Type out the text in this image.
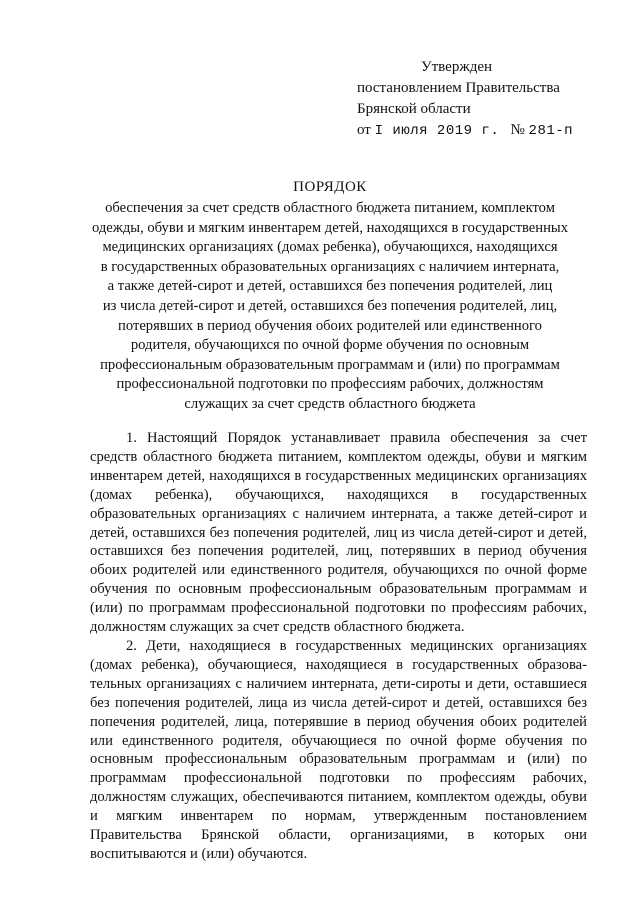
Утвержден
постановлением Правительства
Брянской области
от I июля 2019 г. № 281-п
ПОРЯДОК
обеспечения за счет средств областного бюджета питанием, комплектом
одежды, обуви и мягким инвентарем детей, находящихся в государственных
медицинских организациях (домах ребенка), обучающихся, находящихся
в государственных образовательных организациях с наличием интерната,
а также детей-сирот и детей, оставшихся без попечения родителей, лиц
из числа детей-сирот и детей, оставшихся без попечения родителей, лиц,
потерявших в период обучения обоих родителей или единственного
родителя, обучающихся по очной форме обучения по основным
профессиональным образовательным программам и (или) по программам
профессиональной подготовки по профессиям рабочих, должностям
служащих за счет средств областного бюджета

1. Настоящий Порядок устанавливает правила обеспечения за счет средств областного бюджета питанием, комплектом одежды, обуви и мягким инвентарем детей, находящихся в государственных медицинских организациях (домах ребенка), обучающихся, находящихся в государственных образовательных организациях с наличием интерната, а также детей-сирот и детей, оставшихся без попечения родителей, лиц из числа детей-сирот и детей, оставшихся без попечения родителей, лиц, потерявших в период обучения обоих родителей или единственного родителя, обучающихся по очной форме обучения по основным профессиональным образовательным программам и (или) по программам профессиональной подготовки по профессиям рабочих, должностям служащих за счет средств областного бюджета.

2. Дети, находящиеся в государственных медицинских организациях (домах ребенка), обучающиеся, находящиеся в государственных образовательных организациях с наличием интерната, дети-сироты и дети, оставшиеся без попечения родителей, лица из числа детей-сирот и детей, оставшихся без попечения родителей, лица, потерявшие в период обучения обоих родителей или единственного родителя, обучающиеся по очной форме обучения по основным профессиональным образовательным программам и (или) по программам профессиональной подготовки по профессиям рабочих, должностям служащих, обеспечиваются питанием, комплектом одежды, обуви и мягким инвентарем по нормам, утвержденным постановлением Правительства Брянской области, организациями, в которых они воспитываются и (или) обучаются.
